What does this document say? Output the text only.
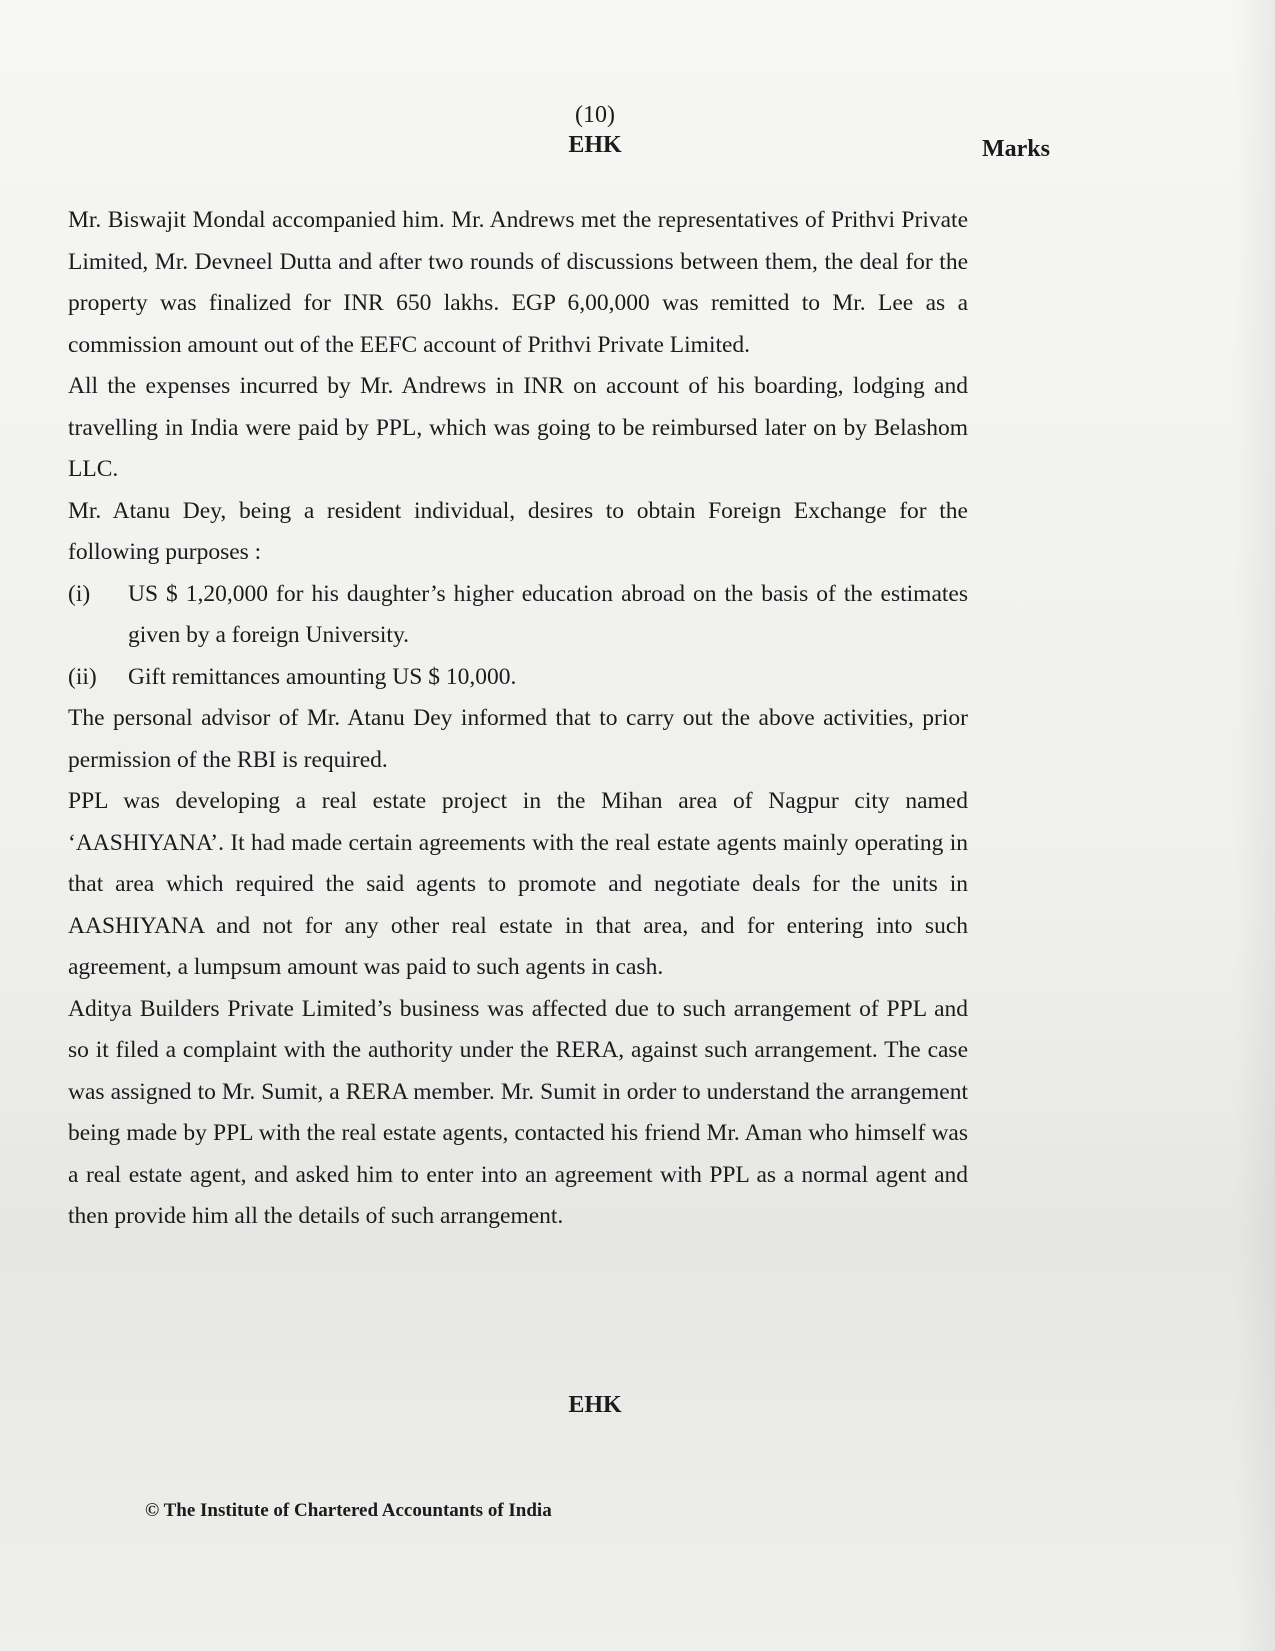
(10)
EHK	Marks

Mr. Biswajit Mondal accompanied him. Mr. Andrews met the representatives of Prithvi Private Limited, Mr. Devneel Dutta and after two rounds of discussions between them, the deal for the property was finalized for INR 650 lakhs. EGP 6,00,000 was remitted to Mr. Lee as a commission amount out of the EEFC account of Prithvi Private Limited.

All the expenses incurred by Mr. Andrews in INR on account of his boarding, lodging and travelling in India were paid by PPL, which was going to be reimbursed later on by Belashom LLC.

Mr. Atanu Dey, being a resident individual, desires to obtain Foreign Exchange for the following purposes :

(i)	US $ 1,20,000 for his daughter’s higher education abroad on the basis of the estimates given by a foreign University.
(ii)	Gift remittances amounting US $ 10,000.

The personal advisor of Mr. Atanu Dey informed that to carry out the above activities, prior permission of the RBI is required.

PPL was developing a real estate project in the Mihan area of Nagpur city named ‘AASHIYANA’. It had made certain agreements with the real estate agents mainly operating in that area which required the said agents to promote and negotiate deals for the units in AASHIYANA and not for any other real estate in that area, and for entering into such agreement, a lumpsum amount was paid to such agents in cash.

Aditya Builders Private Limited’s business was affected due to such arrangement of PPL and so it filed a complaint with the authority under the RERA, against such arrangement. The case was assigned to Mr. Sumit, a RERA member. Mr. Sumit in order to understand the arrangement being made by PPL with the real estate agents, contacted his friend Mr. Aman who himself was a real estate agent, and asked him to enter into an agreement with PPL as a normal agent and then provide him all the details of such arrangement.

EHK
© The Institute of Chartered Accountants of India
